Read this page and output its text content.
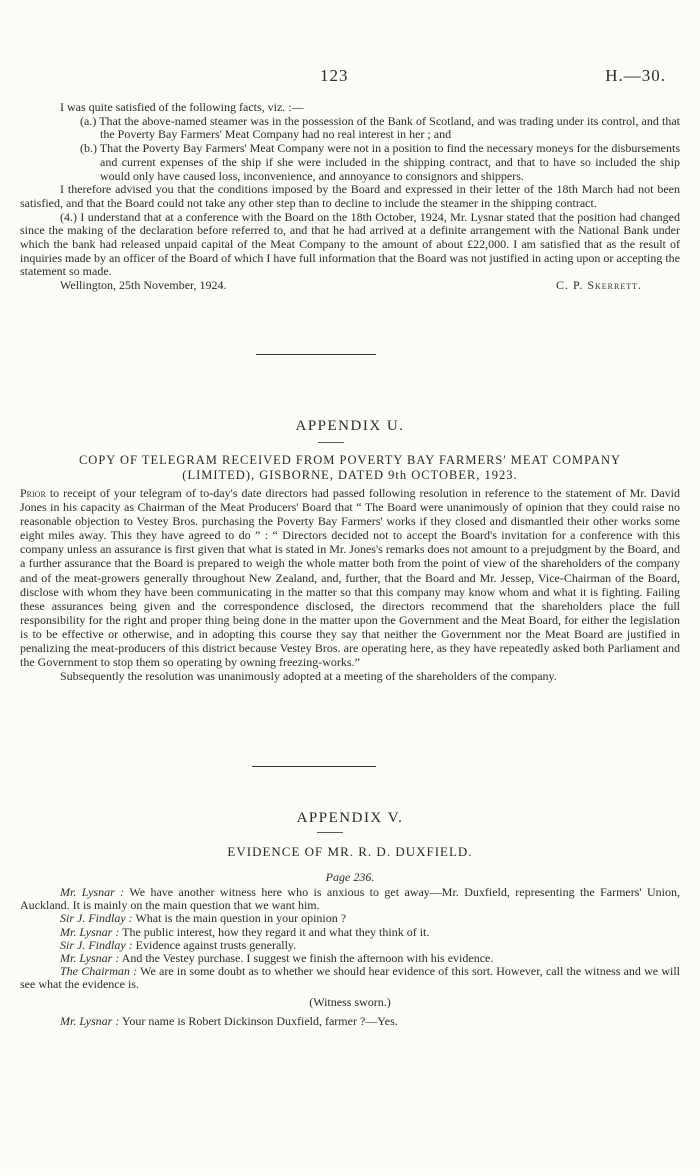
123	H.—30.

I was quite satisfied of the following facts, viz. :—

(a.) That the above-named steamer was in the possession of the Bank of Scotland, and was trading under its control, and that the Poverty Bay Farmers' Meat Company had no real interest in her ; and

(b.) That the Poverty Bay Farmers' Meat Company were not in a position to find the necessary moneys for the disbursements and current expenses of the ship if she were included in the shipping contract, and that to have so included the ship would only have caused loss, inconvenience, and annoyance to consignors and shippers.

I therefore advised you that the conditions imposed by the Board and expressed in their letter of the 18th March had not been satisfied, and that the Board could not take any other step than to decline to include the steamer in the shipping contract.

(4.) I understand that at a conference with the Board on the 18th October, 1924, Mr. Lysnar stated that the position had changed since the making of the declaration before referred to, and that he had arrived at a definite arrangement with the National Bank under which the bank had released unpaid capital of the Meat Company to the amount of about £22,000. I am satisfied that as the result of inquiries made by an officer of the Board of which I have full information that the Board was not justified in acting upon or accepting the statement so made.

Wellington, 25th November, 1924.	C. P. Skerrett.
APPENDIX U.
COPY OF TELEGRAM RECEIVED FROM POVERTY BAY FARMERS' MEAT COMPANY
(LIMITED), GISBORNE, DATED 9th OCTOBER, 1923.

Prior to receipt of your telegram of to-day's date directors had passed following resolution in reference to the statement of Mr. David Jones in his capacity as Chairman of the Meat Producers' Board that “ The Board were unanimously of opinion that they could raise no reasonable objection to Vestey Bros. purchasing the Poverty Bay Farmers' works if they closed and dismantled their other works some eight miles away. This they have agreed to do ” : “ Directors decided not to accept the Board's invitation for a conference with this company unless an assurance is first given that what is stated in Mr. Jones's remarks does not amount to a prejudgment by the Board, and a further assurance that the Board is prepared to weigh the whole matter both from the point of view of the shareholders of the company and of the meat-growers generally throughout New Zealand, and, further, that the Board and Mr. Jessep, Vice-Chairman of the Board, disclose with whom they have been communicating in the matter so that this company may know whom and what it is fighting. Failing these assurances being given and the correspondence disclosed, the directors recommend that the shareholders place the full responsibility for the right and proper thing being done in the matter upon the Government and the Meat Board, for either the legislation is to be effective or otherwise, and in adopting this course they say that neither the Government nor the Meat Board are justified in penalizing the meat-producers of this district because Vestey Bros. are operating here, as they have repeatedly asked both Parliament and the Government to stop them so operating by owning freezing-works.”

Subsequently the resolution was unanimously adopted at a meeting of the shareholders of the company.

APPENDIX V.
EVIDENCE OF MR. R. D. DUXFIELD.
Page 236.

Mr. Lysnar : We have another witness here who is anxious to get away—Mr. Duxfield, representing the Farmers' Union, Auckland. It is mainly on the main question that we want him.

Sir J. Findlay : What is the main question in your opinion ?

Mr. Lysnar : The public interest, how they regard it and what they think of it.

Sir J. Findlay : Evidence against trusts generally.

Mr. Lysnar : And the Vestey purchase. I suggest we finish the afternoon with his evidence.

The Chairman : We are in some doubt as to whether we should hear evidence of this sort. However, call the witness and we will see what the evidence is.

(Witness sworn.)

Mr. Lysnar : Your name is Robert Dickinson Duxfield, farmer ?—Yes.
